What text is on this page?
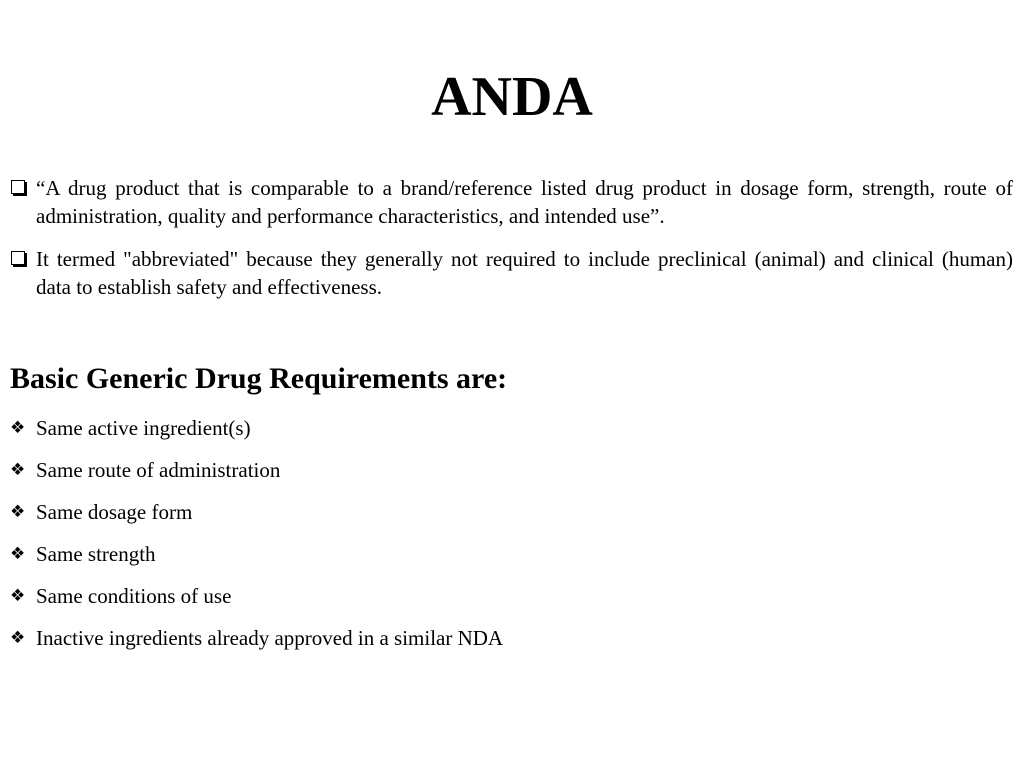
ANDA
“A drug product that is comparable to a brand/reference listed drug product in dosage form, strength, route of administration, quality and performance characteristics, and intended use”.
It termed "abbreviated" because they generally not required to include preclinical (animal) and clinical (human) data to establish safety and effectiveness.
Basic Generic Drug Requirements are:
❖ Same active ingredient(s)
❖ Same route of administration
❖ Same dosage form
❖ Same strength
❖ Same conditions of use
❖ Inactive ingredients already approved in a similar NDA
